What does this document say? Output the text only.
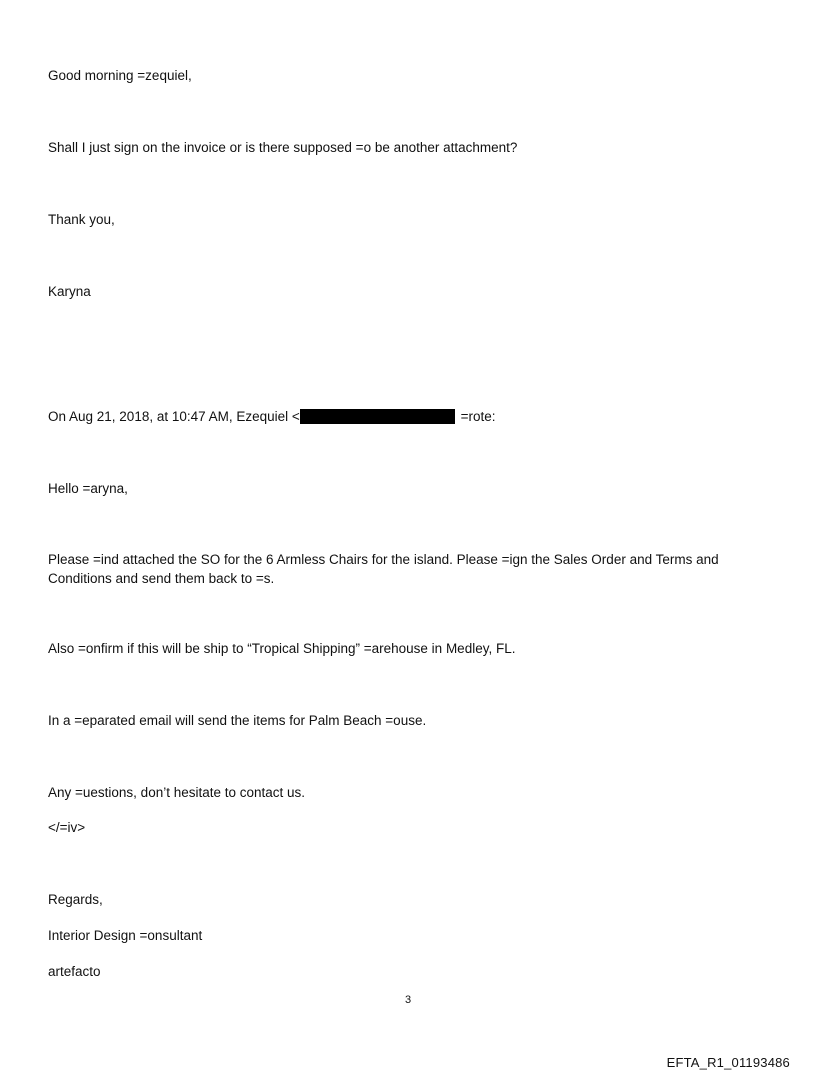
Good morning =zequiel,
Shall I just sign on the invoice or is there supposed =o be another attachment?
Thank you,
Karyna
On Aug 21, 2018, at 10:47 AM, Ezequiel <	=rote:
Hello =aryna,
Please =ind attached the SO for the 6 Armless Chairs for the island. Please =ign the Sales Order and Terms and Conditions and send them back to =s.
Also =onfirm if this will be ship to “Tropical Shipping” =arehouse in Medley, FL.
In a =eparated email will send the items for Palm Beach =ouse.
Any =uestions, don’t hesitate to contact us.
</=iv>
Regards,
Interior Design =onsultant
artefacto
3
EFTA_R1_01193486
